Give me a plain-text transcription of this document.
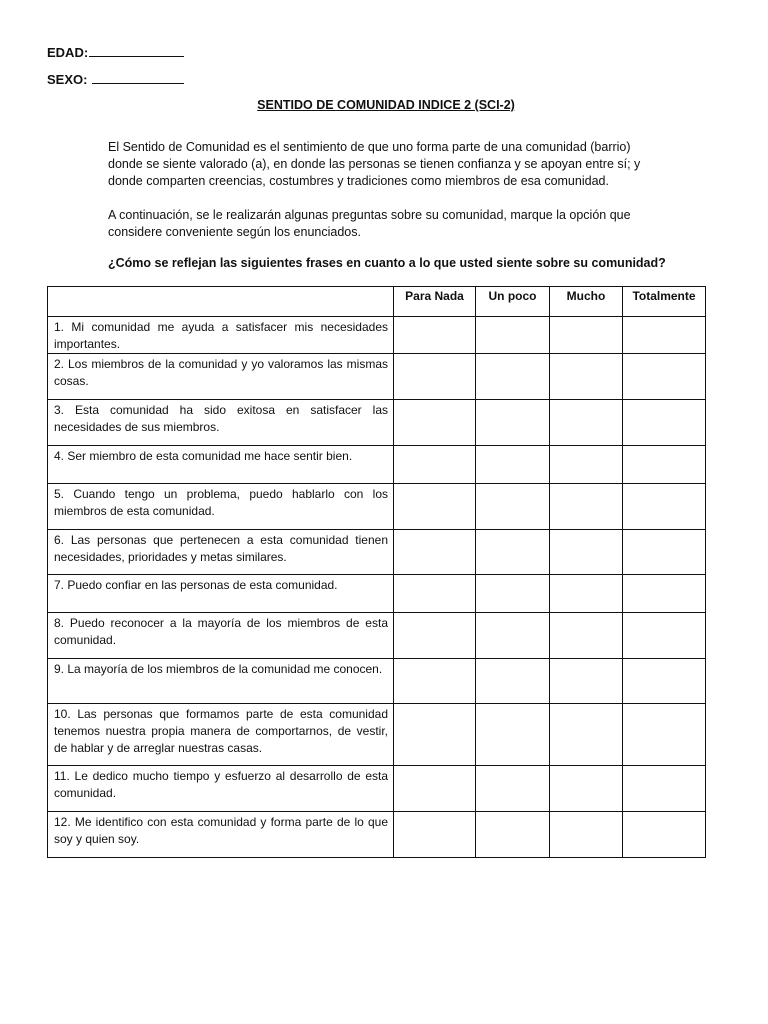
EDAD:
SEXO:
SENTIDO DE COMUNIDAD INDICE 2 (SCI-2)
El Sentido de Comunidad es el sentimiento de que uno forma parte de una comunidad (barrio) donde se siente valorado (a), en donde las personas se tienen confianza y se apoyan entre sí; y donde comparten creencias, costumbres y tradiciones como miembros de esa comunidad.
A continuación, se le realizarán algunas preguntas sobre su comunidad, marque la opción que considere conveniente según los enunciados.
¿Cómo se reflejan las siguientes frases en cuanto a lo que usted siente sobre su comunidad?
	Para Nada	Un poco	Mucho	Totalmente
1. Mi comunidad me ayuda a satisfacer mis necesidades importantes.				
2. Los miembros de la comunidad y yo valoramos las mismas cosas.				
3. Esta comunidad ha sido exitosa en satisfacer las necesidades de sus miembros.				
4. Ser miembro de esta comunidad me hace sentir bien.				
5. Cuando tengo un problema, puedo hablarlo con los miembros de esta comunidad.				
6. Las personas que pertenecen a esta comunidad tienen necesidades, prioridades y metas similares.				
7. Puedo confiar en las personas de esta comunidad.				
8. Puedo reconocer a la mayoría de los miembros de esta comunidad.				
9. La mayoría de los miembros de la comunidad me conocen.				
10. Las personas que formamos parte de esta comunidad tenemos nuestra propia manera de comportarnos, de vestir, de hablar y de arreglar nuestras casas.				
11. Le dedico mucho tiempo y esfuerzo al desarrollo de esta comunidad.				
12. Me identifico con esta comunidad y forma parte de lo que soy y quien soy.				
